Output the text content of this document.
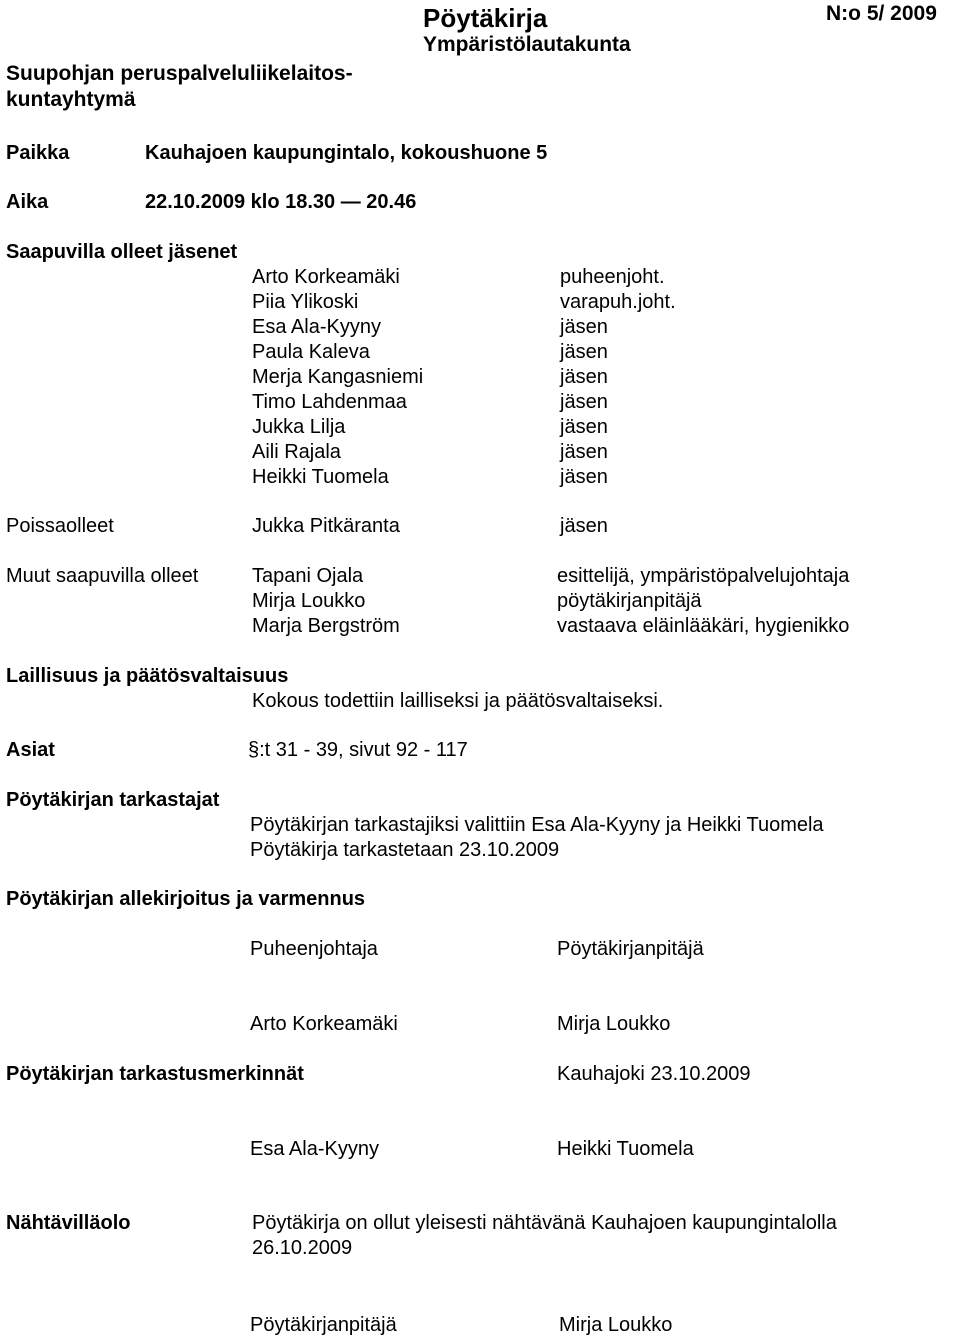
Suupohjan peruspalveluliikelaitos-
kuntayhtymä
Pöytäkirja
Ympäristölautakunta
N:o 5/ 2009
Paikka	Kauhajoen kaupungintalo, kokoushuone 5
Aika	22.10.2009 klo 18.30 — 20.46
Saapuvilla olleet jäsenet
Arto Korkeamäki	puheenjoht.
Piia Ylikoski	varapuh.joht.
Esa Ala-Kyyny	jäsen
Paula Kaleva	jäsen
Merja Kangasniemi	jäsen
Timo Lahdenmaa	jäsen
Jukka Lilja	jäsen
Aili Rajala	jäsen
Heikki Tuomela	jäsen
Poissaolleet	Jukka Pitkäranta	jäsen
Muut saapuvilla olleet	Tapani Ojala	esittelijä, ympäristöpalvelujohtaja
Mirja Loukko	pöytäkirjanpitäjä
Marja Bergström	vastaava eläinlääkäri, hygienikko
Laillisuus ja päätösvaltaisuus
Kokous todettiin lailliseksi ja päätösvaltaiseksi.
Asiat	§:t 31 - 39, sivut 92 - 117
Pöytäkirjan tarkastajat
Pöytäkirjan tarkastajiksi valittiin Esa Ala-Kyyny ja Heikki Tuomela
Pöytäkirja tarkastetaan 23.10.2009
Pöytäkirjan allekirjoitus ja varmennus
Puheenjohtaja	Pöytäkirjanpitäjä
Arto Korkeamäki	Mirja Loukko
Pöytäkirjan tarkastusmerkinnät	Kauhajoki 23.10.2009
Esa Ala-Kyyny	Heikki Tuomela
Nähtävilläolo	Pöytäkirja on ollut yleisesti nähtävänä Kauhajoen kaupungintalolla
26.10.2009
Pöytäkirjanpitäjä	Mirja Loukko
